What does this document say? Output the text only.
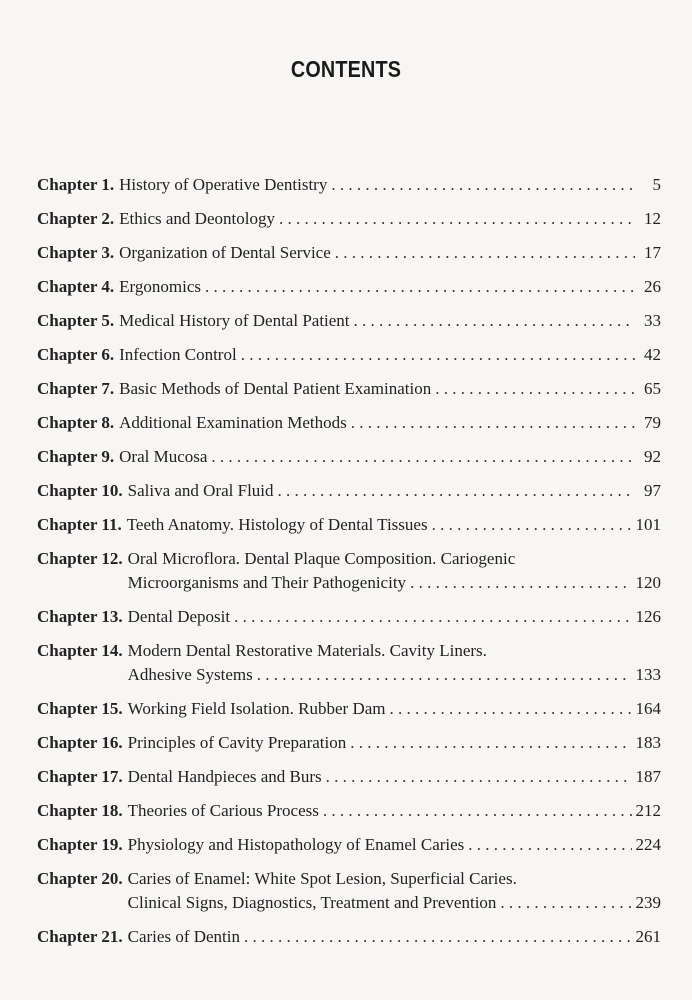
CONTENTS
Chapter 1. History of Operative Dentistry . . .	5
Chapter 2. Ethics and Deontology . . .	12
Chapter 3. Organization of Dental Service . . .	17
Chapter 4. Ergonomics . . .	26
Chapter 5. Medical History of Dental Patient . . .	33
Chapter 6. Infection Control . . .	42
Chapter 7. Basic Methods of Dental Patient Examination . . .	65
Chapter 8. Additional Examination Methods . . .	79
Chapter 9. Oral Mucosa . . .	92
Chapter 10. Saliva and Oral Fluid . . .	97
Chapter 11. Teeth Anatomy. Histology of Dental Tissues . . .	101
Chapter 12. Oral Microflora. Dental Plaque Composition. Cariogenic
Microorganisms and Their Pathogenicity . . .	120
Chapter 13. Dental Deposit . . .	126
Chapter 14. Modern Dental Restorative Materials. Cavity Liners.
Adhesive Systems . . .	133
Chapter 15. Working Field Isolation. Rubber Dam . . .	164
Chapter 16. Principles of Cavity Preparation . . .	183
Chapter 17. Dental Handpieces and Burs . . .	187
Chapter 18. Theories of Carious Process . . .	212
Chapter 19. Physiology and Histopathology of Enamel Caries . . .	224
Chapter 20. Caries of Enamel: White Spot Lesion, Superficial Caries.
Clinical Signs, Diagnostics, Treatment and Prevention . . .	239
Chapter 21. Caries of Dentin . . .	261
